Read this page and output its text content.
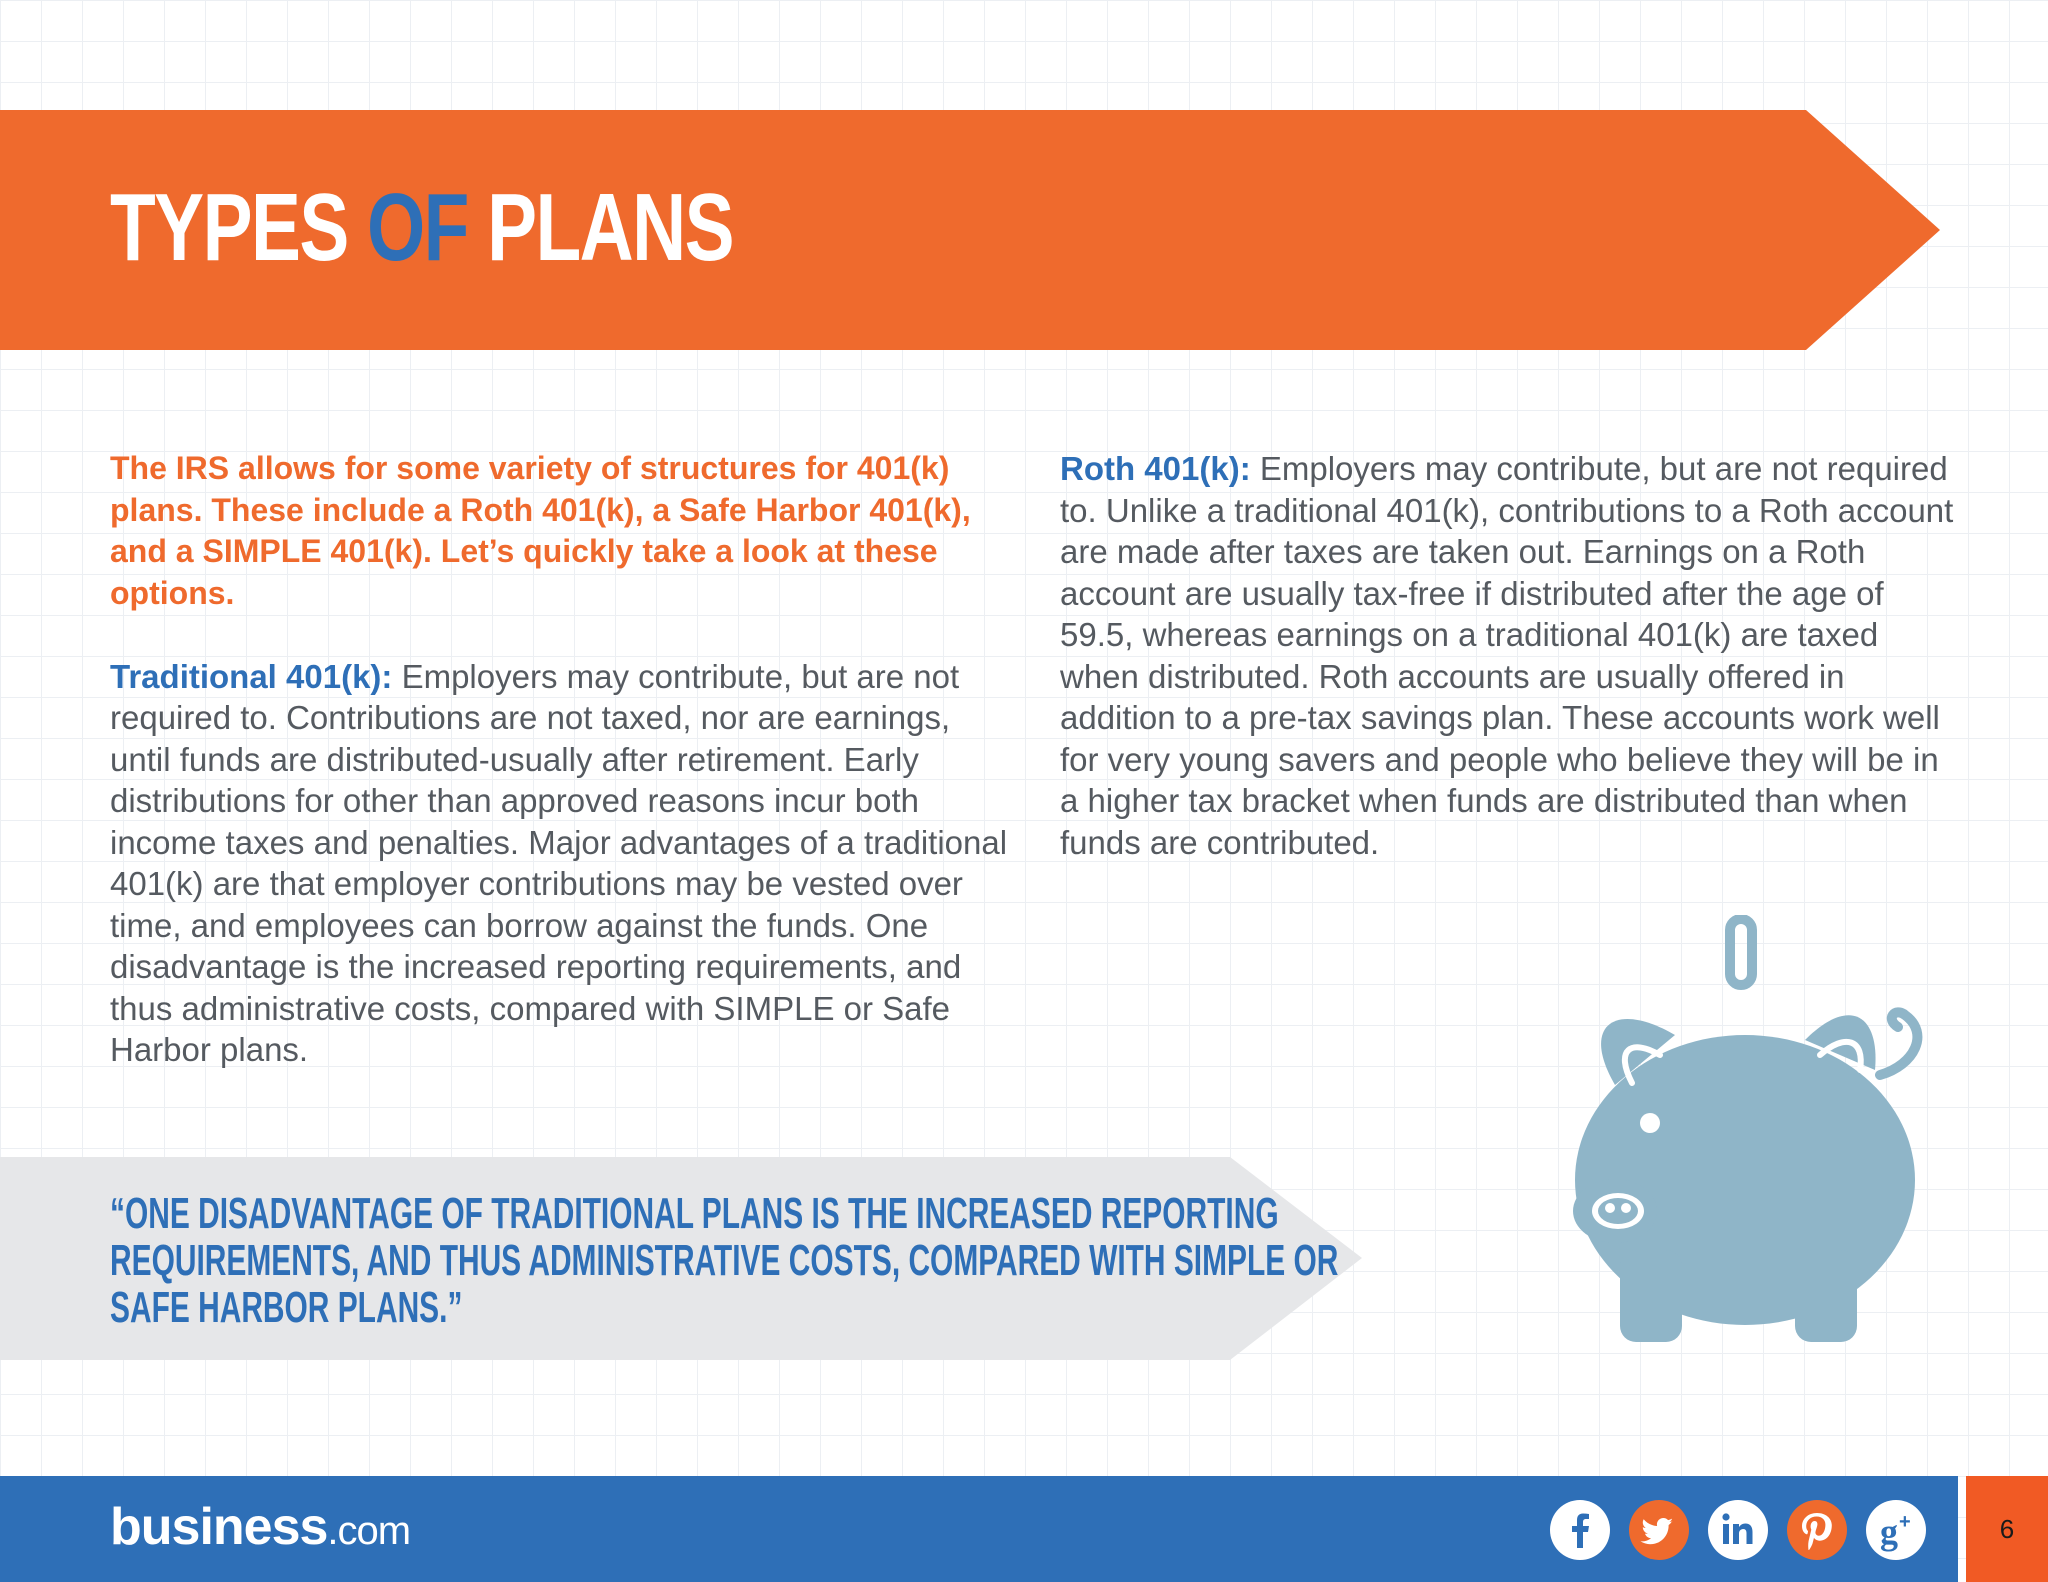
TYPES OF PLANS

The IRS allows for some variety of structures for 401(k) plans. These include a Roth 401(k), a Safe Harbor 401(k), and a SIMPLE 401(k). Let’s quickly take a look at these options.

Traditional 401(k): Employers may contribute, but are not required to. Contributions are not taxed, nor are earnings, until funds are distributed-usually after retirement. Early distributions for other than approved reasons incur both income taxes and penalties. Major advantages of a traditional 401(k) are that employer contributions may be vested over time, and employees can borrow against the funds. One disadvantage is the increased reporting requirements, and thus administrative costs, compared with SIMPLE or Safe Harbor plans.

Roth 401(k): Employers may contribute, but are not required to. Unlike a traditional 401(k), contributions to a Roth account are made after taxes are taken out. Earnings on a Roth account are usually tax-free if distributed after the age of 59.5, whereas earnings on a traditional 401(k) are taxed when distributed. Roth accounts are usually offered in addition to a pre-tax savings plan. These accounts work well for very young savers and people who believe they will be in a higher tax bracket when funds are distributed than when funds are contributed.

“ONE DISADVANTAGE OF TRADITIONAL PLANS IS THE INCREASED REPORTING
REQUIREMENTS, AND THUS ADMINISTRATIVE COSTS, COMPARED WITH SIMPLE OR
SAFE HARBOR PLANS.”
business.com	g +	6
